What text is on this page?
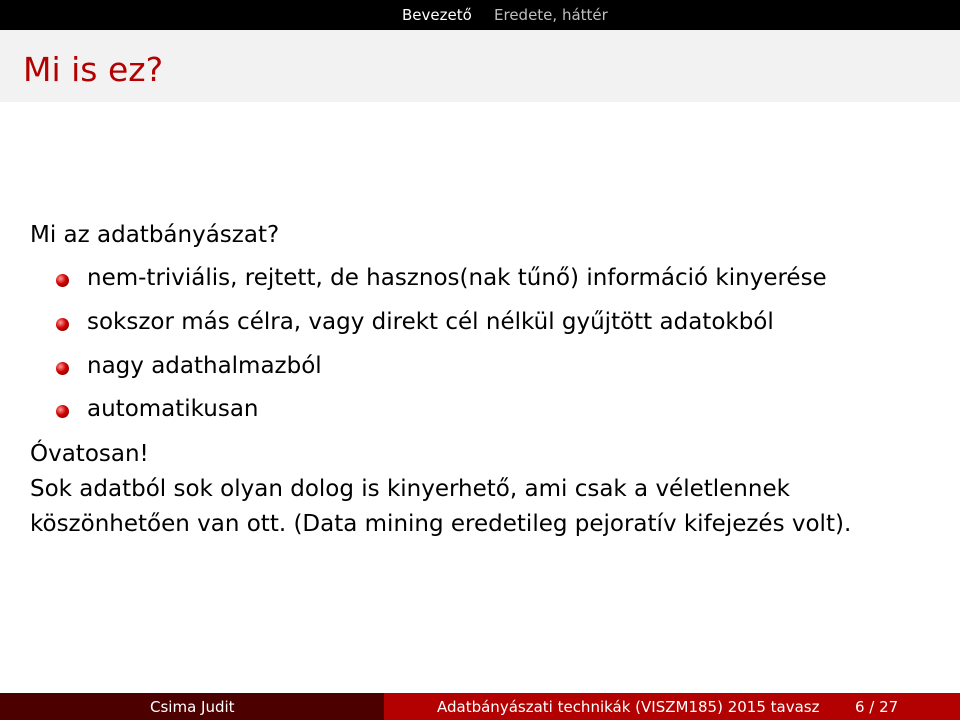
Bevezető Eredete, háttér
Mi is ez?
Mi az adatbányászat?
nem-triviális, rejtett, de hasznos(nak tűnő) információ kinyerése
sokszor más célra, vagy direkt cél nélkül gyűjtött adatokból
nagy adathalmazból
automatikusan
Óvatosan!
Sok adatból sok olyan dolog is kinyerhető, ami csak a véletlennek
köszönhetően van ott. (Data mining eredetileg pejoratív kifejezés volt).
Csima Judit	Adatbányászati technikák (VISZM185) 2015 tavasz 6 / 27
